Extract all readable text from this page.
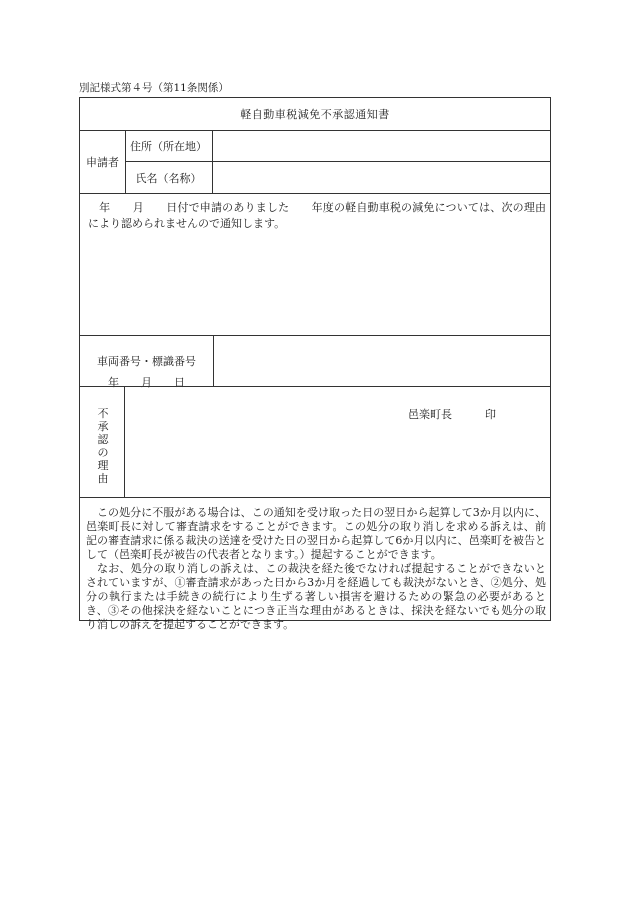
別記様式第４号（第11条関係）
軽自動車税減免不承認通知書
申請者
住所（所在地）
氏名（名称）
　年　　月　　日付で申請のありました　　年度の軽自動車税の減免については、次の理由により認められませんので通知します。
年　　月　　日
邑楽町長　　　印
車両番号・標識番号
不承認の理由

この処分に不服がある場合は、この通知を受け取った日の翌日から起算して3か月以内に、邑楽町長に対して審査請求をすることができます。この処分の取り消しを求める訴えは、前記の審査請求に係る裁決の送達を受けた日の翌日から起算して6か月以内に、邑楽町を被告として（邑楽町長が被告の代表者となります。）提起することができます。

なお、処分の取り消しの訴えは、この裁決を経た後でなければ提起することができないとされていますが、①審査請求があった日から3か月を経過しても裁決がないとき、②処分、処分の執行または手続きの続行により生ずる著しい損害を避けるための緊急の必要があるとき、③その他採決を経ないことにつき正当な理由があるときは、採決を経ないでも処分の取り消しの訴えを提起することができます。
